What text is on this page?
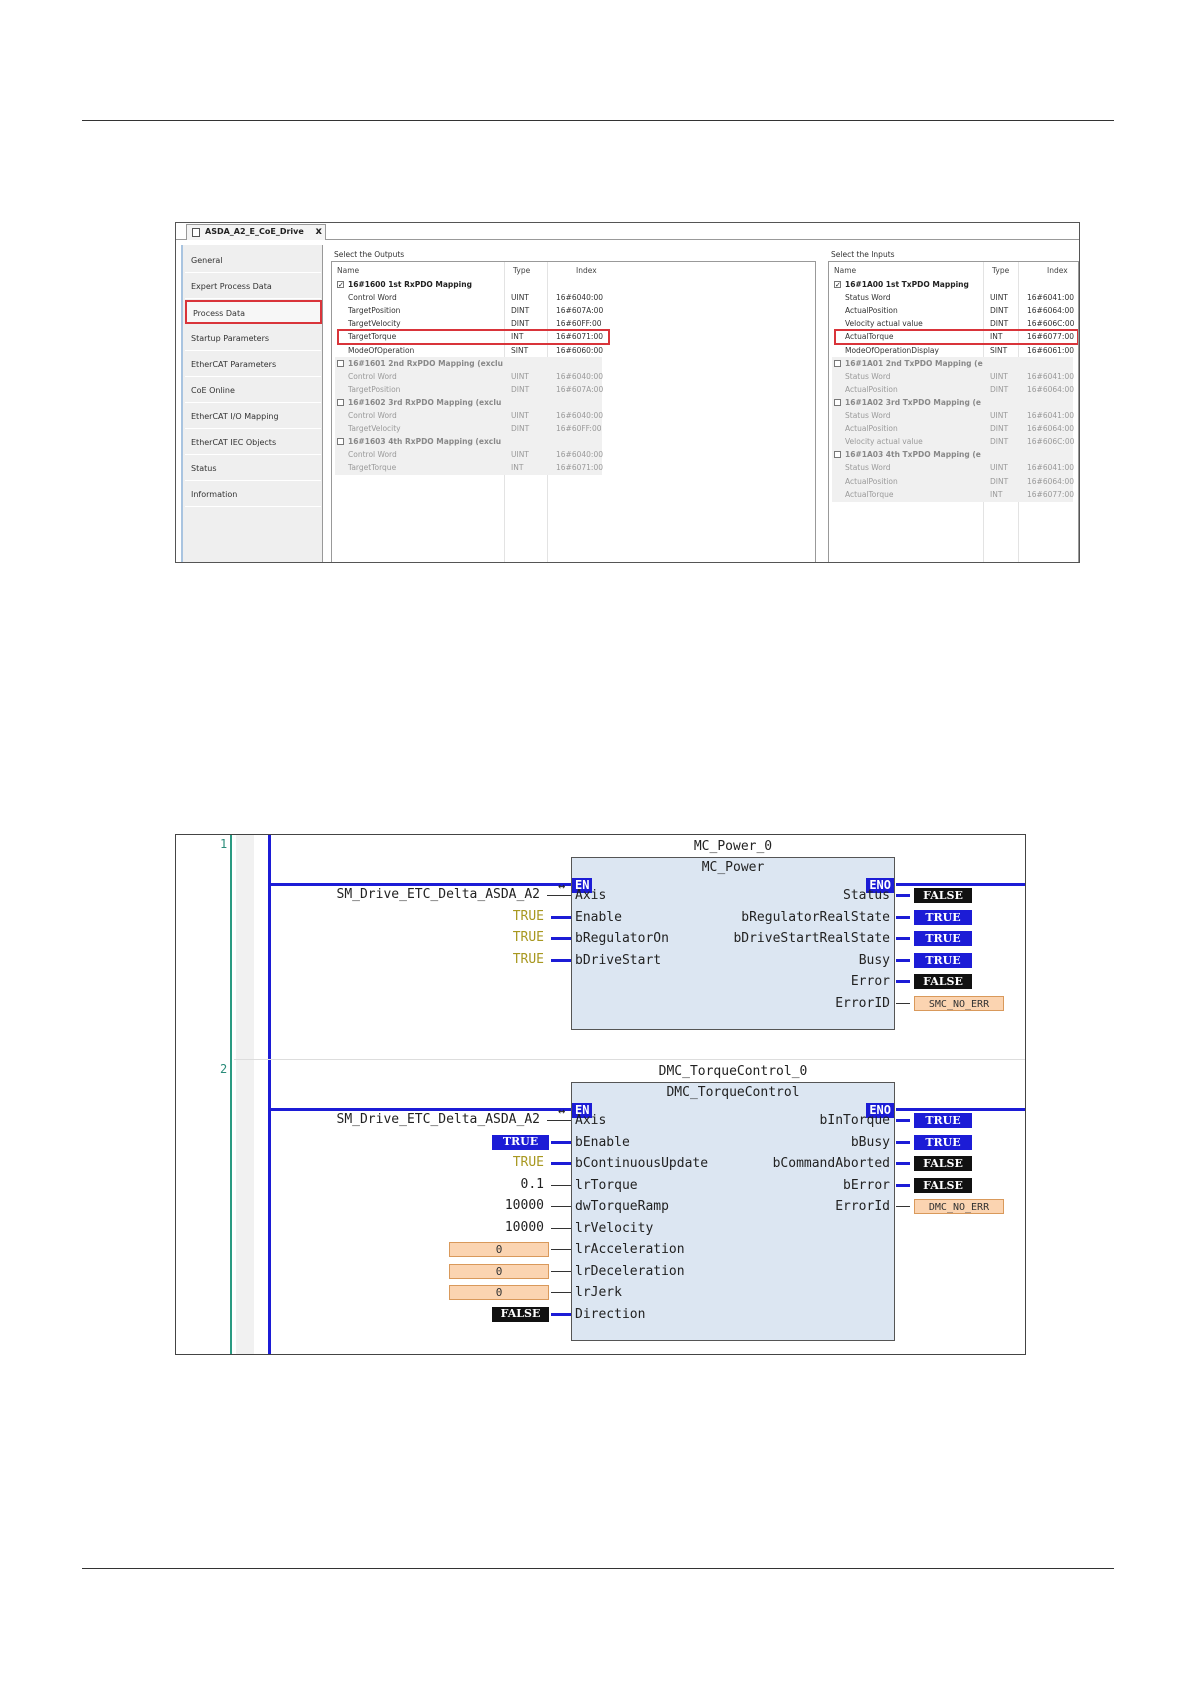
ASDA_A2_E_CoE_Drive x
General
Expert Process Data
Process Data
Startup Parameters
EtherCAT Parameters
CoE Online
EtherCAT I/O Mapping
EtherCAT IEC Objects
Status
Information
Select the Outputs
Name	Type	Index
✓ 16#1600 1st RxPDO Mapping
Control Word	UINT	16#6040:00
TargetPosition	DINT	16#607A:00
TargetVelocity	DINT	16#60FF:00
TargetTorque	INT	16#6071:00
ModeOfOperation	SINT	16#6060:00
16#1601 2nd RxPDO Mapping (exclu
Control Word	UINT	16#6040:00
TargetPosition	DINT	16#607A:00
16#1602 3rd RxPDO Mapping (exclu
Control Word	UINT	16#6040:00
TargetVelocity	DINT	16#60FF:00
16#1603 4th RxPDO Mapping (exclu
Control Word	UINT	16#6040:00
TargetTorque	INT	16#6071:00
Select the Inputs
Name	Type	Index
✓ 16#1A00 1st TxPDO Mapping
Status Word	UINT	16#6041:00
ActualPosition	DINT	16#6064:00
Velocity actual value	DINT	16#606C:00
ActualTorque	INT	16#6077:00
ModeOfOperationDisplay	SINT	16#6061:00
16#1A01 2nd TxPDO Mapping (e
Status Word	UINT	16#6041:00
ActualPosition	DINT	16#6064:00
16#1A02 3rd TxPDO Mapping (e
Status Word	UINT	16#6041:00
ActualPosition	DINT	16#6064:00
Velocity actual value	DINT	16#606C:00
16#1A03 4th TxPDO Mapping (e
Status Word	UINT	16#6041:00
ActualPosition	DINT	16#6064:00
ActualTorque	INT	16#6077:00
1	MC_Power_0
MC_Power
EN	ENO
Axis
Enable
bRegulatorOn
bDriveStart
Status
bRegulatorRealState
bDriveStartRealState
Busy
Error
ErrorID
SM_Drive_ETC_Delta_ASDA_A2
↔
TRUE
TRUE
TRUE
FALSE
TRUE
TRUE
TRUE
FALSE
SMC_NO_ERR
2	DMC_TorqueControl_0
DMC_TorqueControl
EN	ENO
Axis
bEnable
bContinuousUpdate
lrTorque
dwTorqueRamp
lrVelocity
lrAcceleration
lrDeceleration
lrJerk
Direction
bInTorque
bBusy
bCommandAborted
bError
ErrorId
SM_Drive_ETC_Delta_ASDA_A2
↔
TRUE
TRUE
0.1
10000
10000
0
0
0
FALSE
TRUE
TRUE
FALSE
FALSE
DMC_NO_ERR
